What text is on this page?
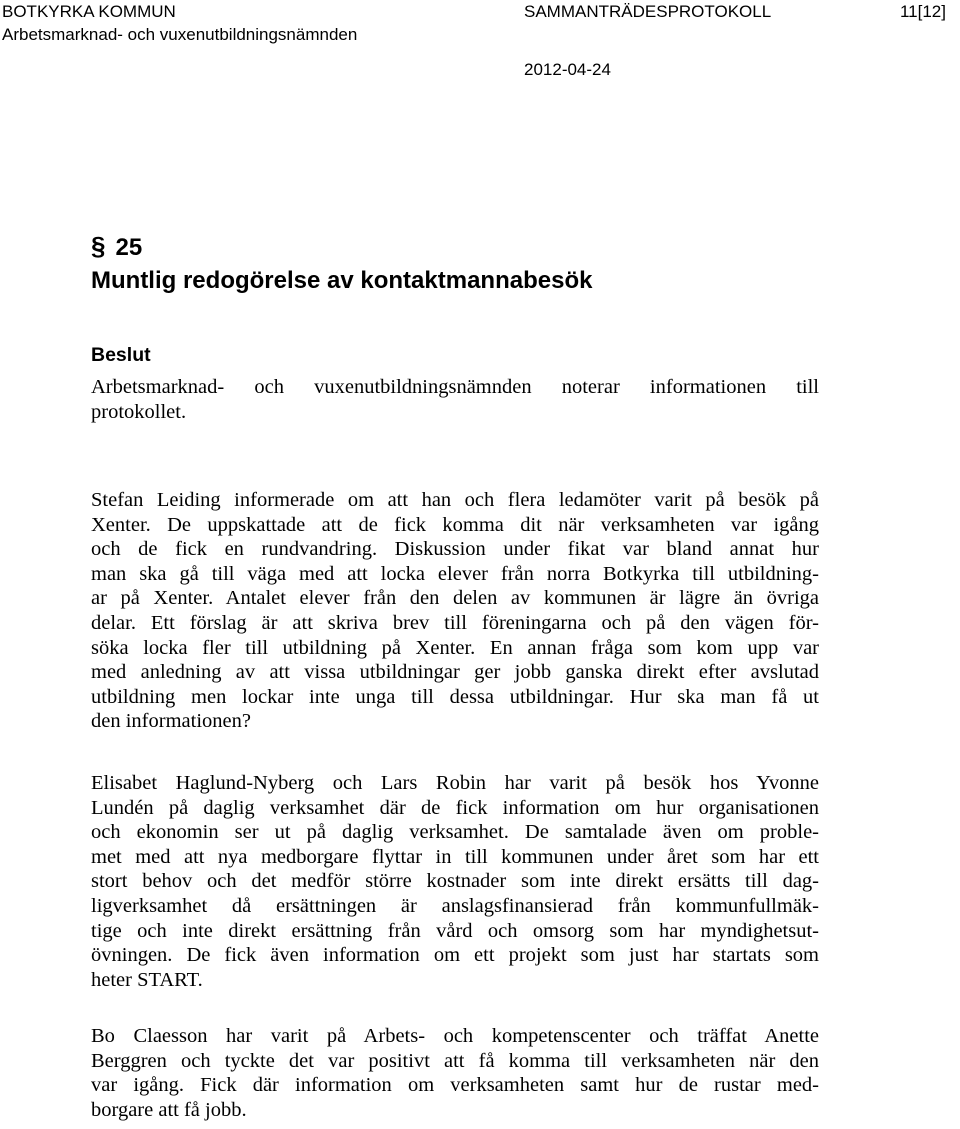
BOTKYRKA KOMMUN
Arbetsmarknad- och vuxenutbildningsnämnden
SAMMANTRÄDESPROTOKOLL	11[12]
2012-04-24
§ 25
Muntlig redogörelse av kontaktmannabesök
Beslut
Arbetsmarknad- och vuxenutbildningsnämnden noterar informationen till
protokollet.
Stefan Leiding informerade om att han och flera ledamöter varit på besök på
Xenter. De uppskattade att de fick komma dit när verksamheten var igång
och de fick en rundvandring. Diskussion under fikat var bland annat hur
man ska gå till väga med att locka elever från norra Botkyrka till utbildning-
ar på Xenter. Antalet elever från den delen av kommunen är lägre än övriga
delar. Ett förslag är att skriva brev till föreningarna och på den vägen för-
söka locka fler till utbildning på Xenter. En annan fråga som kom upp var
med anledning av att vissa utbildningar ger jobb ganska direkt efter avslutad
utbildning men lockar inte unga till dessa utbildningar. Hur ska man få ut
den informationen?
Elisabet Haglund-Nyberg och Lars Robin har varit på besök hos Yvonne
Lundén på daglig verksamhet där de fick information om hur organisationen
och ekonomin ser ut på daglig verksamhet. De samtalade även om proble-
met med att nya medborgare flyttar in till kommunen under året som har ett
stort behov och det medför större kostnader som inte direkt ersätts till dag-
ligverksamhet då ersättningen är anslagsfinansierad från kommunfullmäk-
tige och inte direkt ersättning från vård och omsorg som har myndighetsut-
övningen. De fick även information om ett projekt som just har startats som
heter START.
Bo Claesson har varit på Arbets- och kompetenscenter och träffat Anette
Berggren och tyckte det var positivt att få komma till verksamheten när den
var igång. Fick där information om verksamheten samt hur de rustar med-
borgare att få jobb.
